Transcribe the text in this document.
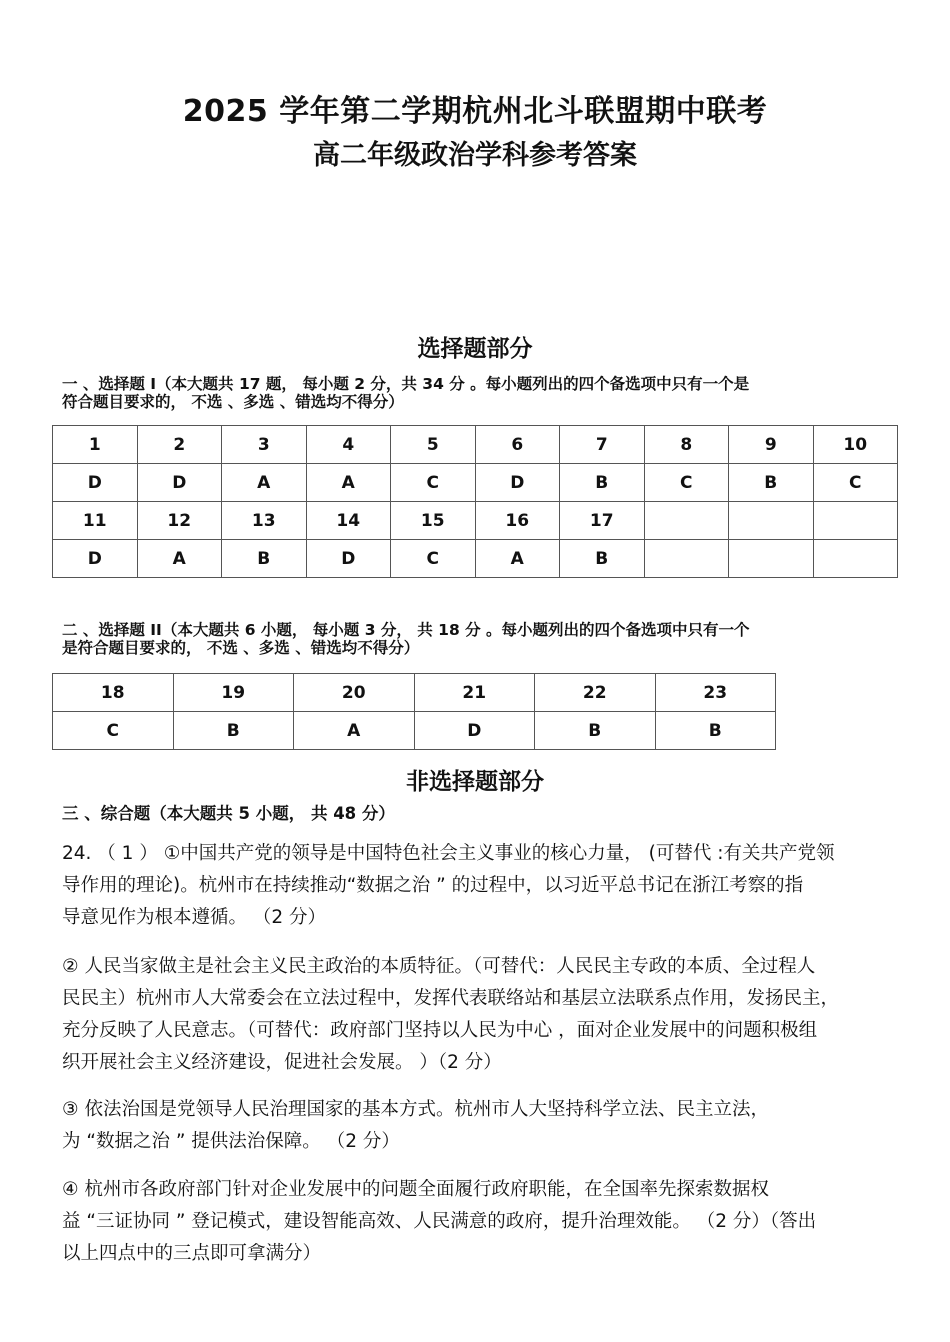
2025 学年第二学期杭州北斗联盟期中联考
高二年级政治学科参考答案
选择题部分
一 、选择题 I（本大题共 17 题， 每小题 2 分，共 34 分 。每小题列出的四个备选项中只有一个是
符合题目要求的， 不选 、多选 、错选均不得分）
1	2	3	4	5	6	7	8	9	10
D	D	A	A	C	D	B	C	B	C
11	12	13	14	15	16	17			
D	A	B	D	C	A	B			
二 、选择题 II（本大题共 6 小题， 每小题 3 分， 共 18 分 。每小题列出的四个备选项中只有一个
是符合题目要求的， 不选 、多选 、错选均不得分）
18	19	20	21	22	23
C	B	A	D	B	B
非选择题部分
三 、综合题（本大题共 5 小题， 共 48 分）
24. （ 1 ） ①中国共产党的领导是中国特色社会主义事业的核心力量， (可替代 :有关共产党领
导作用的理论)。杭州市在持续推动“数据之治 ” 的过程中，以习近平总书记在浙江考察的指
导意见作为根本遵循。 （2 分）
② 人民当家做主是社会主义民主政治的本质特征。（可替代：人民民主专政的本质、全过程人
民民主）杭州市人大常委会在立法过程中，发挥代表联络站和基层立法联系点作用，发扬民主，
充分反映了人民意志。（可替代：政府部门坚持以人民为中心 ，面对企业发展中的问题积极组
织开展社会主义经济建设，促进社会发展。 ）（2 分）
③ 依法治国是党领导人民治理国家的基本方式。杭州市人大坚持科学立法、民主立法，
为 “数据之治 ” 提供法治保障。 （2 分）
④ 杭州市各政府部门针对企业发展中的问题全面履行政府职能，在全国率先探索数据权
益 “三证协同 ” 登记模式，建设智能高效、人民满意的政府，提升治理效能。 （2 分）（答出
以上四点中的三点即可拿满分）
